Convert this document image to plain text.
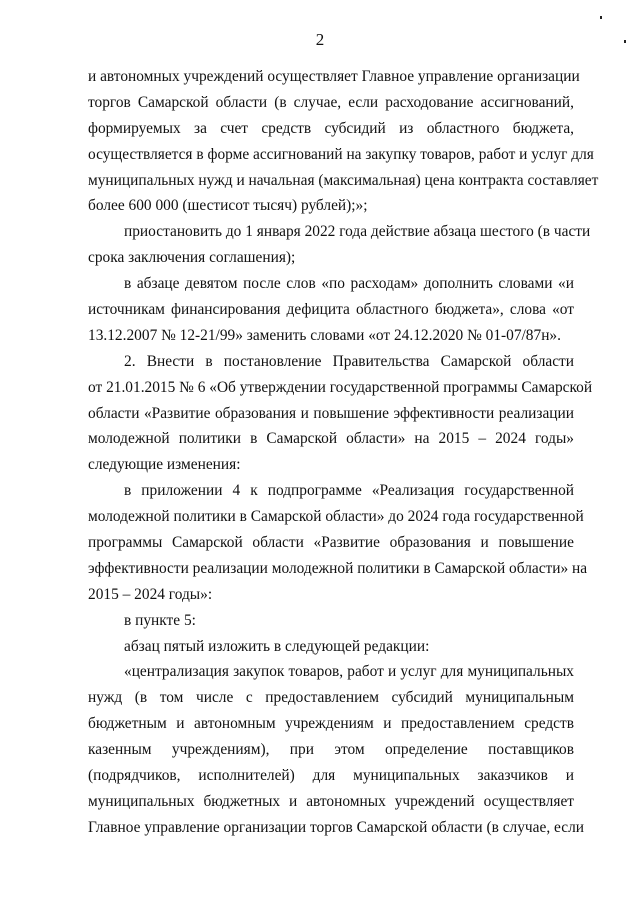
2
и автономных учреждений осуществляет Главное управление организации
торгов Самарской области (в случае, если расходование ассигнований,
формируемых за счет средств субсидий из областного бюджета,
осуществляется в форме ассигнований на закупку товаров, работ и услуг для
муниципальных нужд и начальная (максимальная) цена контракта составляет
более 600 000 (шестисот тысяч) рублей);»;
приостановить до 1 января 2022 года действие абзаца шестого (в части
срока заключения соглашения);
в абзаце девятом после слов «по расходам» дополнить словами «и
источникам финансирования дефицита областного бюджета», слова «от
13.12.2007 № 12-21/99» заменить словами «от 24.12.2020 № 01-07/87н».
2. Внести в постановление Правительства Самарской области
от 21.01.2015 № 6 «Об утверждении государственной программы Самарской
области «Развитие образования и повышение эффективности реализации
молодежной политики в Самарской области» на 2015 – 2024 годы»
следующие изменения:
в приложении 4 к подпрограмме «Реализация государственной
молодежной политики в Самарской области» до 2024 года государственной
программы Самарской области «Развитие образования и повышение
эффективности реализации молодежной политики в Самарской области» на
2015 – 2024 годы»:
в пункте 5:
абзац пятый изложить в следующей редакции:
«централизация закупок товаров, работ и услуг для муниципальных
нужд (в том числе с предоставлением субсидий муниципальным
бюджетным и автономным учреждениям и предоставлением средств
казенным учреждениям), при этом определение поставщиков
(подрядчиков, исполнителей) для муниципальных заказчиков и
муниципальных бюджетных и автономных учреждений осуществляет
Главное управление организации торгов Самарской области (в случае, если
